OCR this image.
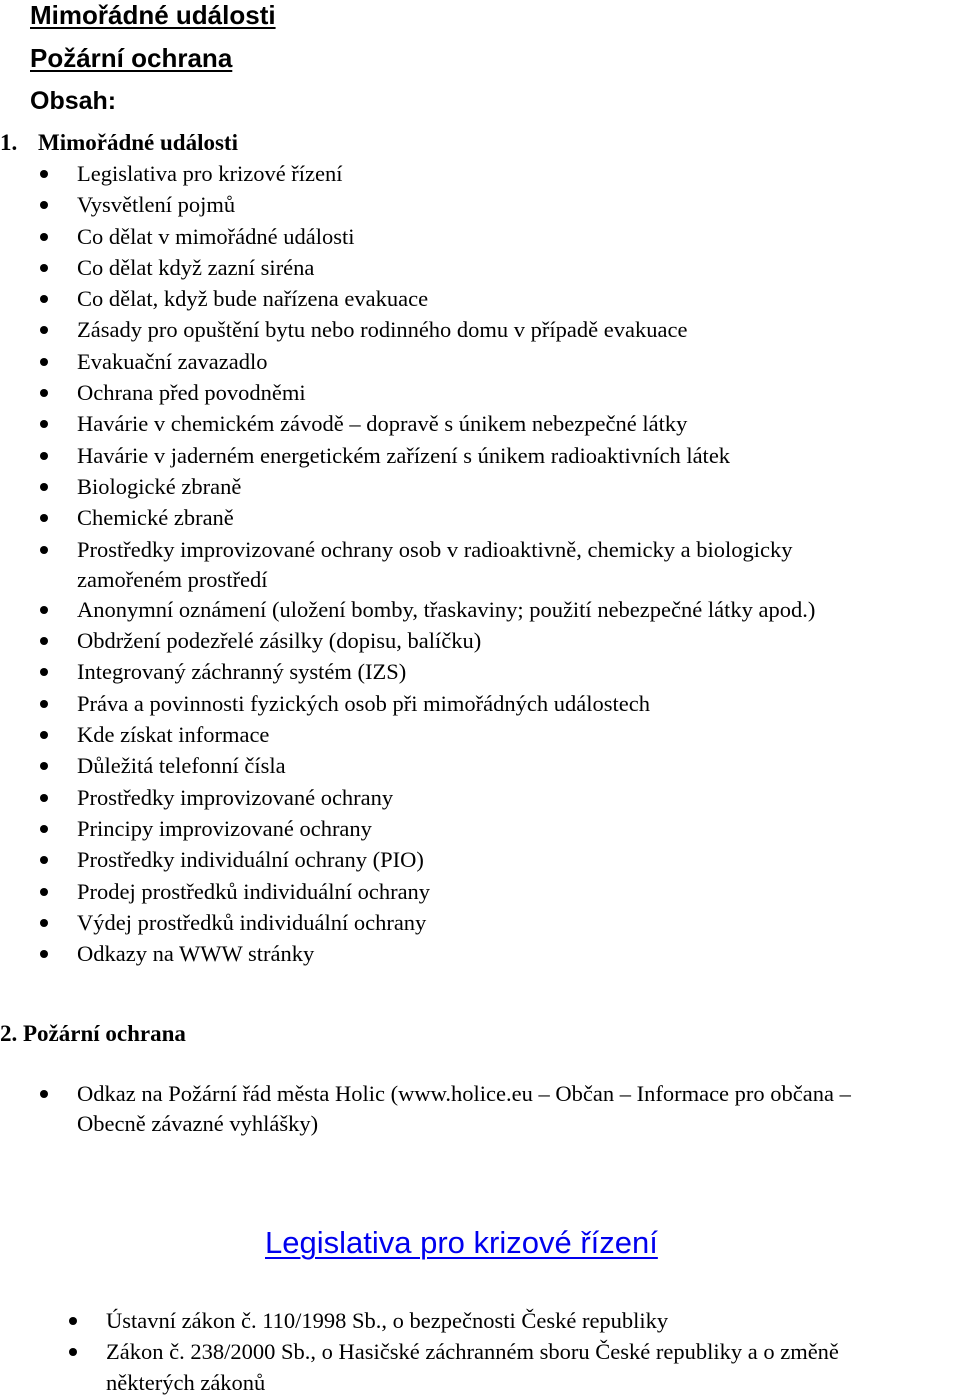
Mimořádné události
Požární ochrana
Obsah:
1. Mimořádné události
Legislativa pro krizové řízení
Vysvětlení pojmů
Co dělat v mimořádné události
Co dělat když zazní siréna
Co dělat, když bude nařízena evakuace
Zásady pro opuštění bytu nebo rodinného domu v případě evakuace
Evakuační zavazadlo
Ochrana před povodněmi
Havárie v chemickém závodě – dopravě s únikem nebezpečné látky
Havárie v jaderném energetickém zařízení s únikem radioaktivních látek
Biologické zbraně
Chemické zbraně
Prostředky improvizované ochrany osob v radioaktivně, chemicky a biologicky
zamořeném prostředí
Anonymní oznámení (uložení bomby, třaskaviny; použití nebezpečné látky apod.)
Obdržení podezřelé zásilky (dopisu, balíčku)
Integrovaný záchranný systém (IZS)
Práva a povinnosti fyzických osob při mimořádných událostech
Kde získat informace
Důležitá telefonní čísla
Prostředky improvizované ochrany
Principy improvizované ochrany
Prostředky individuální ochrany (PIO)
Prodej prostředků individuální ochrany
Výdej prostředků individuální ochrany
Odkazy na WWW stránky
2. Požární ochrana
Odkaz na Požární řád města Holic (www.holice.eu – Občan – Informace pro občana –
Obecně závazné vyhlášky)
Legislativa pro krizové řízení
Ústavní zákon č. 110/1998 Sb., o bezpečnosti České republiky
Zákon č. 238/2000 Sb., o Hasičské záchranném sboru České republiky a o změně
některých zákonů
